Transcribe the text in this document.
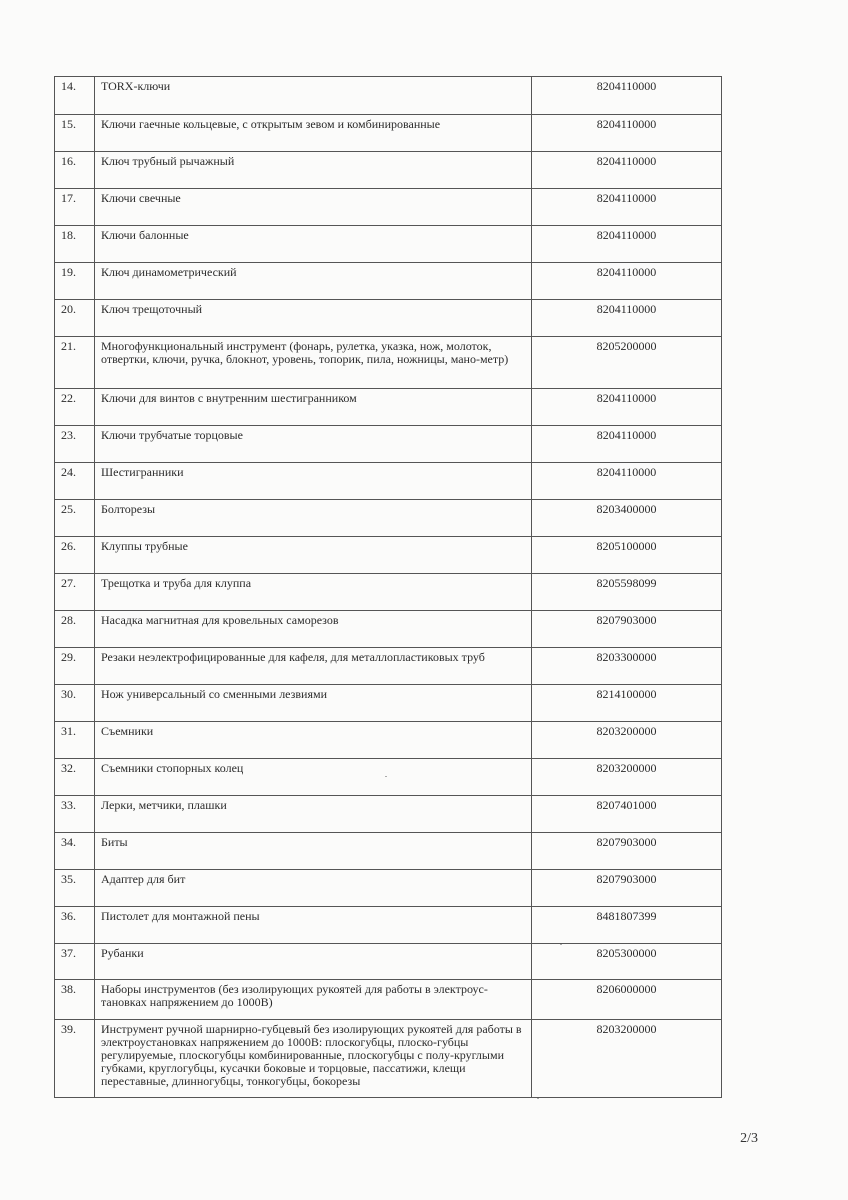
14.	TORX-ключи	8204110000
15.	Ключи гаечные кольцевые, с открытым зевом и комбинированные	8204110000
16.	Ключ трубный рычажный	8204110000
17.	Ключи свечные	8204110000
18.	Ключи балонные	8204110000
19.	Ключ динамометрический	8204110000
20.	Ключ трещоточный	8204110000
21.	Многофункциональный инструмент (фонарь, рулетка, указка, нож, молоток, отвертки, ключи, ручка, блокнот, уровень, топорик, пила, ножницы, мано-метр)	8205200000
22.	Ключи для винтов с внутренним шестигранником	8204110000
23.	Ключи трубчатые торцовые	8204110000
24.	Шестигранники	8204110000
25.	Болторезы	8203400000
26.	Клуппы трубные	8205100000
27.	Трещотка и труба для клуппа	8205598099
28.	Насадка магнитная для кровельных саморезов	8207903000
29.	Резаки неэлектрофицированные для кафеля, для металлопластиковых труб	8203300000
30.	Нож универсальный со сменными лезвиями	8214100000
31.	Съемники	8203200000
32.	Съемники стопорных колец	8203200000
33.	Лерки, метчики, плашки	8207401000
34.	Биты	8207903000
35.	Адаптер для бит	8207903000
36.	Пистолет для монтажной пены	8481807399
37.	Рубанки	8205300000
38.	Наборы инструментов (без изолирующих рукоятей для работы в электроус-тановках напряжением до 1000В)	8206000000
39.	Инструмент ручной шарнирно-губцевый без изолирующих рукоятей для работы в электроустановках напряжением до 1000В: плоскогубцы, плоско-губцы регулируемые, плоскогубцы комбинированные, плоскогубцы с полу-круглыми губками, круглогубцы, кусачки боковые и торцовые, пассатижи, клещи переставные, длинногубцы, тонкогубцы, бокорезы	8203200000
2/3
